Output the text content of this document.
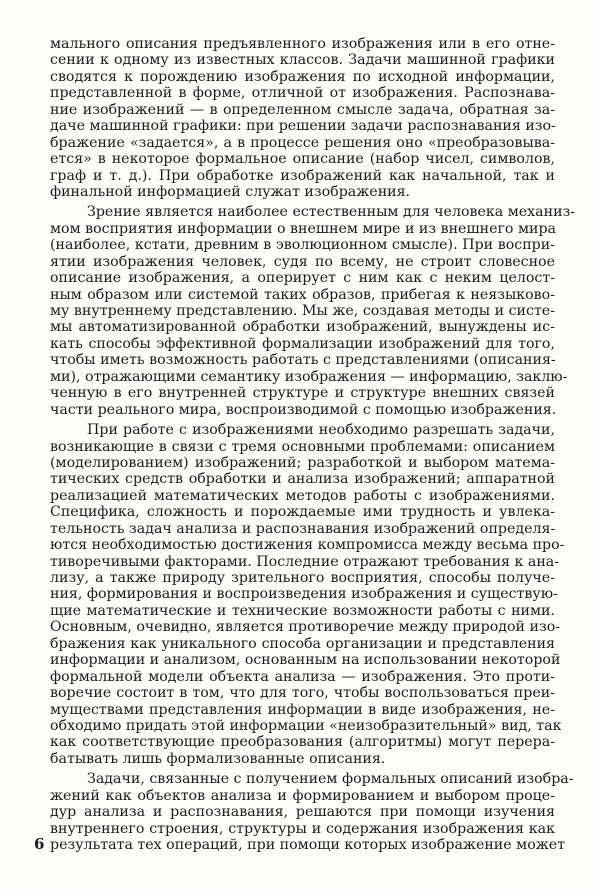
мального описания предъявленного изображения или в его отне-
сении к одному из известных классов. Задачи машинной графики
сводятся к порождению изображения по исходной информации,
представленной в форме, отличной от изображения. Распознава-
ние изображений — в определенном смысле задача, обратная за-
даче машинной графики: при решении задачи распознавания изо-
бражение «задается», а в процессе решения оно «преобразовыва-
ется» в некоторое формальное описание (набор чисел, символов,
граф и т. д.). При обработке изображений как начальной, так и
финальной информацией служат изображения.
Зрение является наиболее естественным для человека механиз-
мом восприятия информации о внешнем мире и из внешнего мира
(наиболее, кстати, древним в эволюционном смысле). При воспри-
ятии изображения человек, судя по всему, не строит словесное
описание изображения, а оперирует с ним как с неким целост-
ным образом или системой таких образов, прибегая к неязыково-
му внутреннему представлению. Мы же, создавая методы и систе-
мы автоматизированной обработки изображений, вынуждены ис-
кать способы эффективной формализации изображений для того,
чтобы иметь возможность работать с представлениями (описания-
ми), отражающими семантику изображения — информацию, заклю-
ченную в его внутренней структуре и структуре внешних связей
части реального мира, воспроизводимой с помощью изображения.
При работе с изображениями необходимо разрешать задачи,
возникающие в связи с тремя основными проблемами: описанием
(моделированием) изображений; разработкой и выбором матема-
тических средств обработки и анализа изображений; аппаратной
реализацией математических методов работы с изображениями.
Специфика, сложность и порождаемые ими трудность и увлека-
тельность задач анализа и распознавания изображений определя-
ются необходимостью достижения компромисса между весьма про-
тиворечивыми факторами. Последние отражают требования к ана-
лизу, а также природу зрительного восприятия, способы получе-
ния, формирования и воспроизведения изображения и существую-
щие математические и технические возможности работы с ними.
Основным, очевидно, является противоречие между природой изо-
бражения как уникального способа организации и представления
информации и анализом, основанным на использовании некоторой
формальной модели объекта анализа — изображения. Это проти-
воречие состоит в том, что для того, чтобы воспользоваться преи-
муществами представления информации в виде изображения, не-
обходимо придать этой информации «неизобразительный» вид, так
как соответствующие преобразования (алгоритмы) могут перера-
батывать лишь формализованные описания.
Задачи, связанные с получением формальных описаний изобра-
жений как объектов анализа и формированием и выбором проце-
дур анализа и распознавания, решаются при помощи изучения
внутреннего строения, структуры и содержания изображения как
результата тех операций, при помощи которых изображение может
6
